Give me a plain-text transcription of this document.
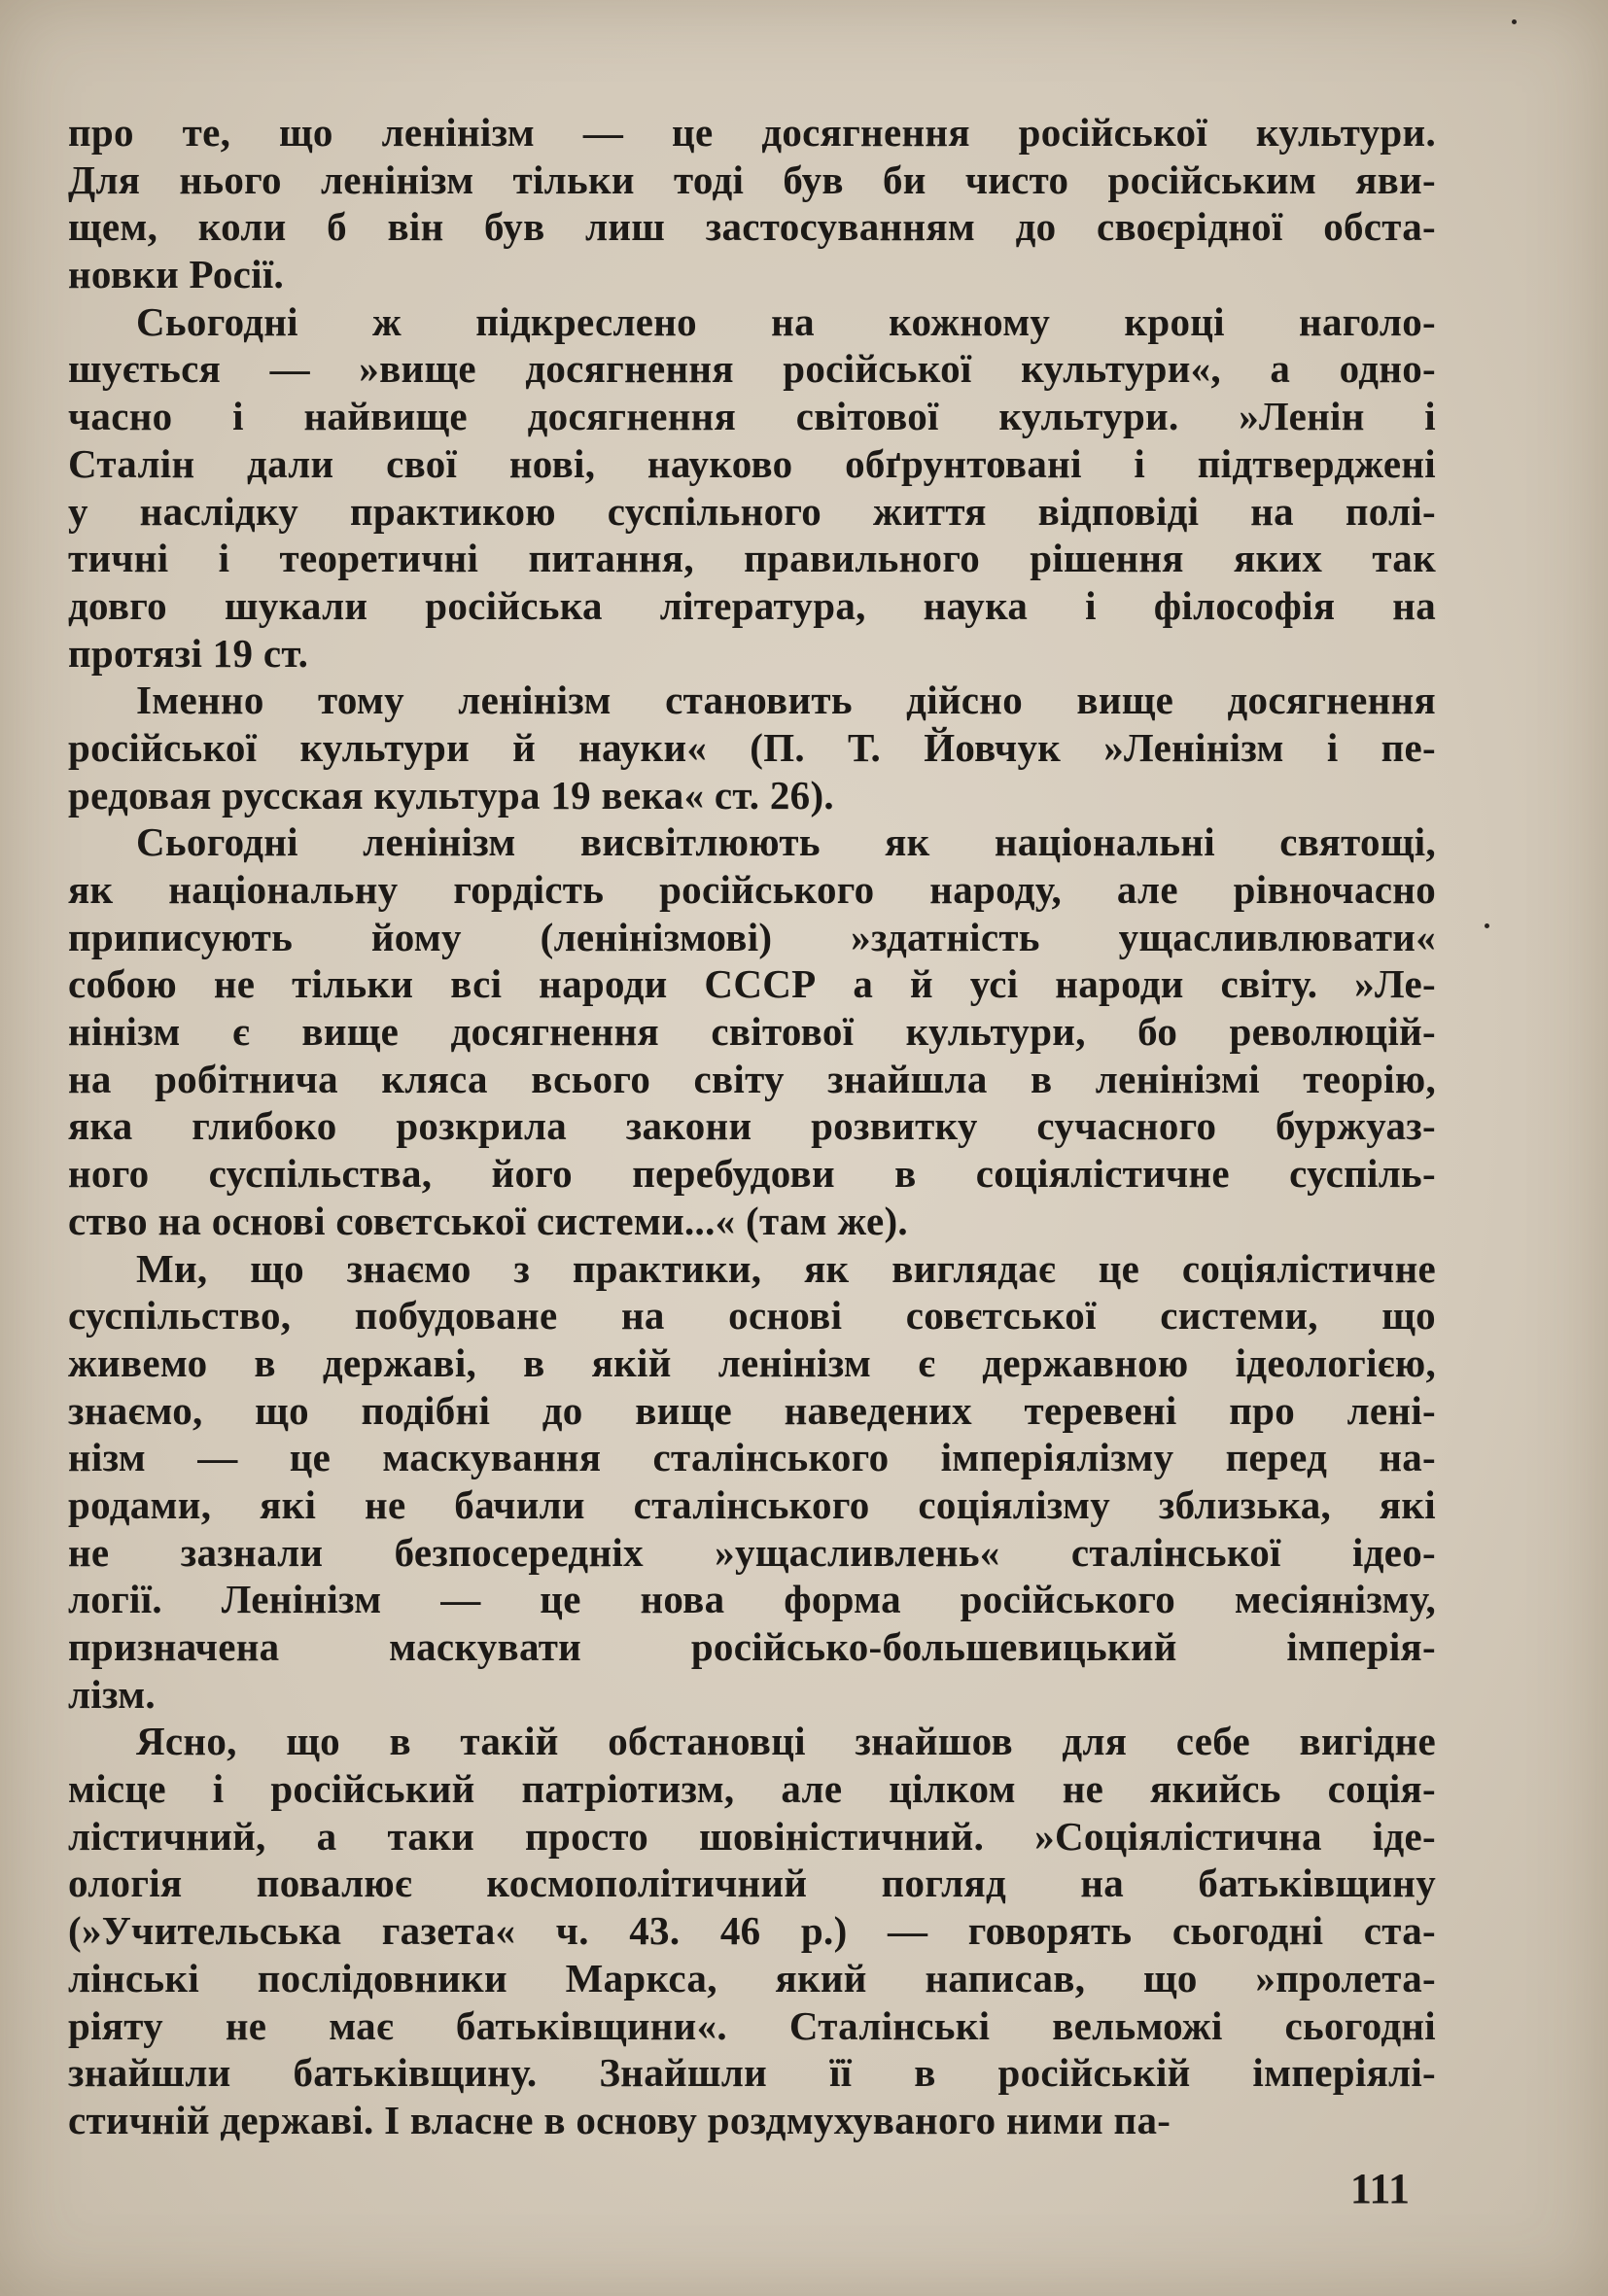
про те, що ленінізм — це досягнення російської культури.
Для нього ленінізм тільки тоді був би чисто російським яви-
щем, коли б він був лиш застосуванням до своєрідної обста-
новки Росії.
Сьогодні ж підкреслено на кожному кроці наголо-
шується — »вище досягнення російської культури«, а одно-
часно і найвище досягнення світової культури. »Ленін і
Сталін дали свої нові, науково обґрунтовані і підтверджені
у наслідку практикою суспільного життя відповіді на полі-
тичні і теоретичні питання, правильного рішення яких так
довго шукали російська література, наука і філософія на
протязі 19 ст.
Іменно тому ленінізм становить дійсно вище досягнення
російської культури й науки« (П. Т. Йовчук »Ленінізм і пе-
редовая русская культура 19 века« ст. 26).
Сьогодні ленінізм висвітлюють як національні святощі,
як національну гордість російського народу, але рівночасно
приписують йому (ленінізмові) »здатність ущасливлювати«
собою не тільки всі народи СССР а й усі народи світу. »Ле-
нінізм є вище досягнення світової культури, бо революцій-
на робітнича кляса всього світу знайшла в ленінізмі теорію,
яка глибоко розкрила закони розвитку сучасного буржуаз-
ного суспільства, його перебудови в соціялістичне суспіль-
ство на основі совєтської системи...« (там же).
Ми, що знаємо з практики, як виглядає це соціялістичне
суспільство, побудоване на основі совєтської системи, що
живемо в державі, в якій ленінізм є державною ідеологією,
знаємо, що подібні до вище наведених теревені про лені-
нізм — це маскування сталінського імперіялізму перед на-
родами, які не бачили сталінського соціялізму зблизька, які
не зазнали безпосередніх »ущасливлень« сталінської ідео-
логії. Ленінізм — це нова форма російського месіянізму,
призначена маскувати російсько-большевицький імперія-
лізм.
Ясно, що в такій обстановці знайшов для себе вигідне
місце і російський патріотизм, але цілком не якийсь соція-
лістичний, а таки просто шовіністичний. »Соціялістична іде-
ологія повалює космополітичний погляд на батьківщину
(»Учительська газета« ч. 43. 46 р.) — говорять сьогодні ста-
лінські послідовники Маркса, який написав, що »пролета-
ріяту не має батьківщини«. Сталінські вельможі сьогодні
знайшли батьківщину. Знайшли її в російській імперіялі-
стичній державі. І власне в основу роздмухуваного ними па-
111
